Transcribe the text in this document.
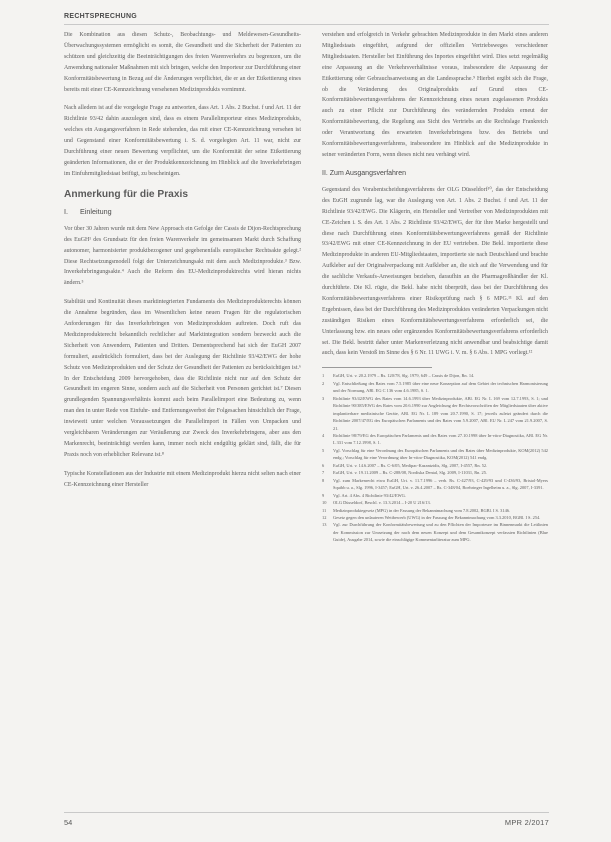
RECHTSPRECHUNG

Die Kombination aus diesen Schutz-, Beobachtungs- und Meldewesen-Gesundheits-Überwachungssystemen ermöglicht es somit, die Gesundheit und die Sicherheit der Patienten zu schützen und gleichzeitig die Beeinträchtigungen des freien Warenverkehrs zu begrenzen, um die Anwendung nationaler Maßnahmen mit sich bringen, welche den Importeur zur Durchführung einer Konformitätsbewertung in Bezug auf die Änderungen verpflichtet, die er an der Etikettierung eines bereits mit einer CE-Kennzeichnung versehenen Medizinprodukts vornimmt.

Nach alledem ist auf die vorgelegte Frage zu antworten, dass Art. 1 Abs. 2 Buchst. f und Art. 11 der Richtlinie 93/42 dahin auszulegen sind, dass es einem Parallelimporteur eines Medizinprodukts, welches ein Ausgangsverfahren in Rede stehenden, das mit einer CE-Kennzeichnung versehen ist und Gegenstand einer Konformitätsbewertung i. S. d. vorgelegten Art. 11 war, nicht zur Durchführung einer neuen Bewertung verpflichtet, um die Konformität der seine Etikettierung geänderten Informationen, die er der Produktkennzeichnung im Hinblick auf die Inverkehrbringen im Einfuhrmitgliedstaat beifügt, zu bescheinigen.

Anmerkung für die Praxis
I. Einleitung

Vor über 30 Jahren wurde mit dem New Approach ein Gefolge der Cassis de Dijon-Rechtsprechung des EuGH¹ des Grundsatz für den freien Warenverkehr im gemeinsamen Markt durch Schaffung autonomer, harmonisierter produktbezogener und gegebenenfalls europäischer Rechtsakte gelegt.² Diese Rechtsetzungsmodell folgt der Unterzeichnungsakt mit dem auch Medizinprodukte.³ Bzw. Inverkehrbringungsakte.⁴ Auch die Reform des EU-Medizinproduktrechts wird hieran nichts ändern.⁵

Stabilität und Kontinuität dieses marktintegrierten Fundaments des Medizinprodukterechts können die Annahme begründen, dass im Wesentlichen keine neuen Fragen für die regulatorischen Anforderungen für das Inverkehrbringen von Medizinprodukten auftreten. Doch ruft das Medizinprodukterecht bekanntlich rechtlicher auf Marktintegration sondern bezweckt auch die Sicherheit von Anwendern, Patienten und Dritten. Dementsprechend hat sich der EuGH 2007 formuliert, ausdrücklich formuliert, dass bei der Auslegung der Richtlinie 93/42/EWG der hohe Schutz von Medizinprodukten und der Schutz der Gesundheit der Patienten zu berücksichtigen ist.⁶ In der Entscheidung 2009 hervorgehoben, dass die Richtlinie nicht nur auf den Schutz der Gesundheit im engeren Sinne, sondern auch auf die Sicherheit von Personen gerichtet ist.⁷ Diesen grundlegenden Spannungsverhältnis kommt auch beim Parallelimport eine Bedeutung zu, wenn man den in unter Rede von Einfuhr- und Entfernungsverbot der Folgesachen hinsichtlich der Frage, inwieweit unter welchen Voraussetzungen die Parallelimport in Fällen von Umpacken und vergleichbaren Veränderungen zur Veräußerung zur Zweck des Inverkehrbringens, aber aus den Markenrecht, beeinträchtigt werden kann, immer noch nicht endgültig geklärt sind, fällt, die für Praxis noch von erheblicher Relevanz ist.⁸

Typische Konstellationen aus der Industrie mit einem Medizinprodukt hierzu nicht selten nach einer CE-Kennzeichnung einer Hersteller

verstehen und erfolgreich in Verkehr gebrachten Medizinprodukte in den Markt eines anderen Mitgliedstaats eingeführt, aufgrund der offiziellen Vertriebsweges verschiedener Mitgliedstaaten. Hersteller bei Einführung des Inportes eingeführt wird. Dies setzt regelmäßig eine Anpassung an die Verkehrsverhältnisse voraus, insbesondere die Anpassung der Etikettierung oder Gebrauchsanweisung an die Landessprache.⁹ Hierbei ergibt sich die Frage, ob die Veränderung des Originalprodukts auf Grund eines CE-Konformitätsbewertungsverfahrens der Kennzeichnung eines neuen zugelassenen Produkts auch zu einer Pflicht zur Durchführung des verändernden Produkts erneut der Konformitätsbewertung, die Regelung aus Sicht des Vertriebs an die Rechtslage Frankreich oder Verantwortung des erwarteten Inverkehrbringens bzw. des Betriebs und Konformitätsbewertungsverfahrens, insbesondere im Hinblick auf die Medizinprodukte in seiner veränderten Form, wenn dieses nicht neu verhängt wird.

II. Zum Ausgangsverfahren

Gegenstand des Vorabentscheidungsverfahrens der OLG Düsseldorf¹⁰, das der Entscheidung des EuGH zugrunde lag, war die Auslegung von Art. 1 Abs. 2 Buchst. f und Art. 11 der Richtlinie 93/42/EWG. Die Klägerin, ein Hersteller und Vertreiber von Medizinprodukten mit CE-Zeichen i. S. des Art. 1 Abs. 2 Richtlinie 93/42/EWG, der für ihre Marke hergestellt und diese nach Durchführung eines Konformitätsbewertungsverfahrens gemäß der Richtlinie 93/42/EWG mit einer CE-Kennzeichnung in der EU vertrieben. Die Bekl. importierte diese Medizinprodukte in anderen EU-Mitgliedstaaten, importierte sie nach Deutschland und brachte Aufkleber auf der Originalverpackung mit Aufkleber an, die sich auf die Verwendung und für die sachliche Verkaufs-Anweisungen beziehen, daraufhin an die Pharmagroßhändler der Kl. durchführte. Die Kl. rügte, die Bekl. habe nicht überprüft, dass bei der Durchführung des Konformitätsbewertungsverfahrens einer Risikoprüfung nach § 6 MPG.¹¹ Kl. auf den Ergebnissen, dass bei der Durchführung des Medizinproduktes veränderten Verpackungen nicht zuständigen Risiken eines Konformitätsbewertungsverfahrens erforderlich sei, die Unterlassung bzw. ein neues oder ergänzendes Konformitätsbewertungsverfahrens erforderlich sei. Die Bekl. bestritt daher unter Markenverletzung nicht anwendbar und beabsichtige damit auch, dass kein Verstoß im Sinne des § 6 Nr. 11 UWG i. V. m. § 6 Abs. 1 MPG vorliegt.¹²

1	EuGH, Urt. v. 20.2.1979 – Rs. 120/78, Slg. 1979, 649 – Cassis de Dijon, Rn. 14.
2	Vgl. Entschließung des Rates vom 7.5.1985 über eine neue Konzeption auf dem Gebiet der technischen Harmonisierung und der Normung, ABl. EG C 136 vom 4.6.1985, S. 1.
3	Richtlinie 93/42/EWG des Rates vom 14.6.1993 über Medizinprodukte, ABl. EG Nr. L 169 vom 12.7.1993, S. 1; und Richtlinie 90/385/EWG des Rates vom 20.6.1990 zur Angleichung der Rechtsvorschriften der Mitgliedstaaten über aktive implantierbare medizinische Geräte, ABl. EG Nr. L 189 vom 20.7.1990, S. 17; jeweils zuletzt geändert durch die Richtlinie 2007/47/EG des Europäischen Parlaments und des Rates vom 5.9.2007, ABl. EU Nr. L 247 vom 21.9.2007, S. 21.
4	Richtlinie 98/79/EG des Europäischen Parlaments und des Rates vom 27.10.1998 über In-vitro-Diagnostika, ABl. EG Nr. L 331 vom 7.12.1998, S. 1.
5	Vgl. Vorschlag für eine Verordnung des Europäischen Parlaments und des Rates über Medizinprodukte, KOM(2012) 542 endg.; Vorschlag für eine Verordnung über In-vitro-Diagnostika, KOM(2012) 541 endg.
6	EuGH, Urt. v. 14.6.2007 – Rs. C-6/05, Medipac-Kazantzidis, Slg. 2007, I-4557, Rn. 52.
7	EuGH, Urt. v. 19.11.2009 – Rs. C-288/08, Nordiska Dental, Slg. 2009, I-11031, Rn. 25.
8	Vgl. zum Markenrecht etwa EuGH, Urt. v. 11.7.1996 – verb. Rs. C-427/93, C-429/93 und C-436/93, Bristol-Myers Squibb u. a., Slg. 1996, I-3457; EuGH, Urt. v. 26.4.2007 – Rs. C-348/04, Boehringer Ingelheim u. a., Slg. 2007, I-3391.
9	Vgl. Art. 4 Abs. 4 Richtlinie 93/42/EWG.
10	OLG Düsseldorf, Beschl. v. 13.3.2014 – I-20 U 216/13.
11	Medizinproduktegesetz (MPG) in der Fassung der Bekanntmachung vom 7.8.2002, BGBl. I S. 3146.
12	Gesetz gegen den unlauteren Wettbewerb (UWG) in der Fassung der Bekanntmachung vom 3.3.2010, BGBl. I S. 254.
13	Vgl. zur Durchführung der Konformitätsbewertung und zu den Pflichten der Importeure im Binnenmarkt die Leitlinien der Kommission zur Umsetzung der nach dem neuen Konzept und dem Gesamtkonzept verfassten Richtlinien (Blue Guide), Ausgabe 2014, sowie die einschlägige Kommentarliteratur zum MPG.
54	MPR 2/2017
